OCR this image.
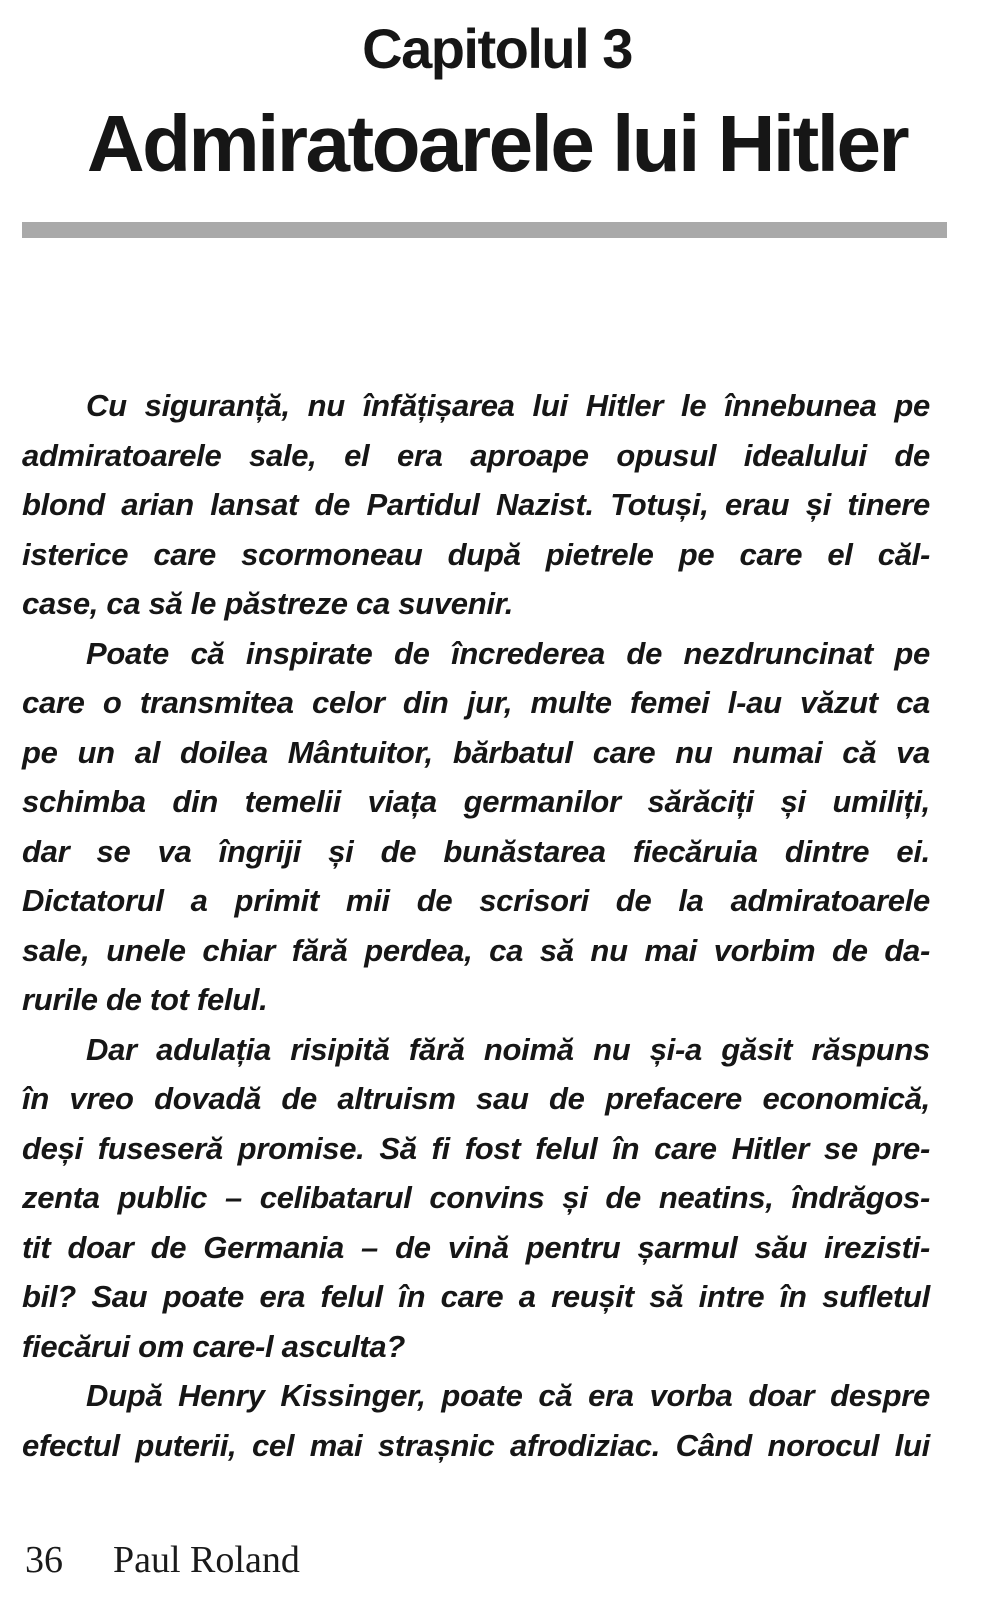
Capitolul 3
Admiratoarele lui Hitler
Cu siguranță, nu înfățișarea lui Hitler le înnebunea pe
admiratoarele sale, el era aproape opusul idealului de
blond arian lansat de Partidul Nazist. Totuși, erau și tinere
isterice care scormoneau după pietrele pe care el căl-
case, ca să le păstreze ca suvenir.
Poate că inspirate de încrederea de nezdruncinat pe
care o transmitea celor din jur, multe femei l-au văzut ca
pe un al doilea Mântuitor, bărbatul care nu numai că va
schimba din temelii viața germanilor sărăciți și umiliți,
dar se va îngriji și de bunăstarea fiecăruia dintre ei.
Dictatorul a primit mii de scrisori de la admiratoarele
sale, unele chiar fără perdea, ca să nu mai vorbim de da-
rurile de tot felul.
Dar adulația risipită fără noimă nu și-a găsit răspuns
în vreo dovadă de altruism sau de prefacere economică,
deși fuseseră promise. Să fi fost felul în care Hitler se pre-
zenta public – celibatarul convins și de neatins, îndrăgos-
tit doar de Germania – de vină pentru șarmul său irezisti-
bil? Sau poate era felul în care a reușit să intre în sufletul
fiecărui om care-l asculta?
După Henry Kissinger, poate că era vorba doar despre
efectul puterii, cel mai strașnic afrodiziac. Când norocul lui
36 Paul Roland
